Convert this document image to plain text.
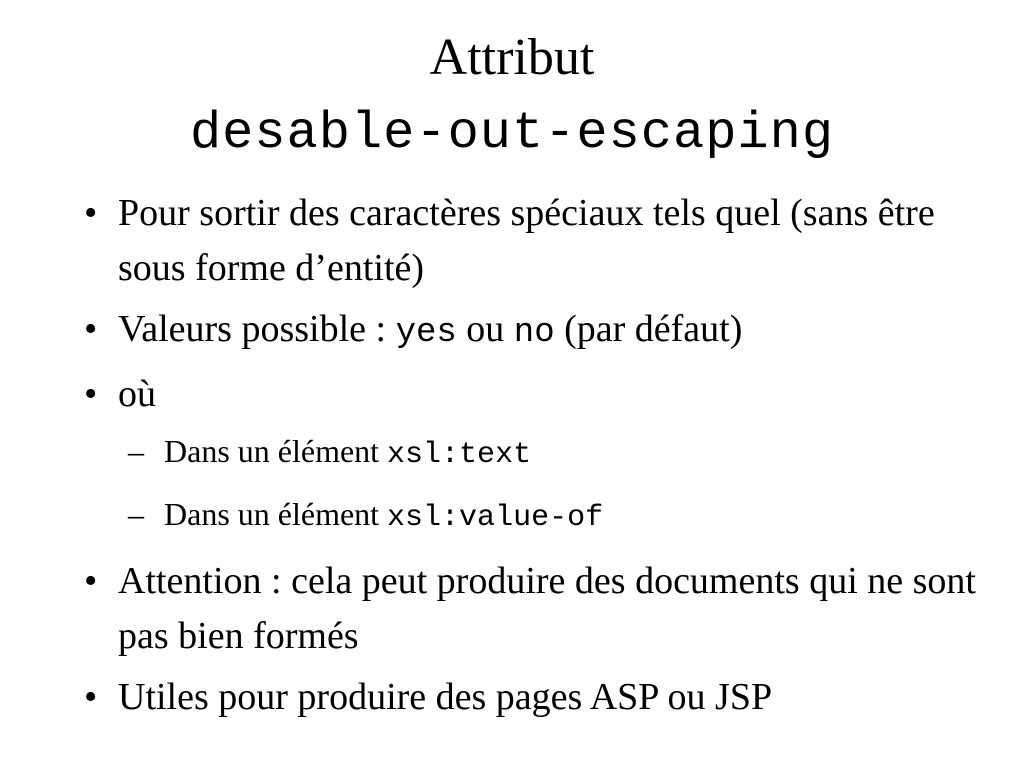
Attribut
desable-out-escaping
• Pour sortir des caractères spéciaux tels quel (sans être sous forme d’entité)
• Valeurs possible : yes ou no (par défaut)
• où
– Dans un élément xsl:text
– Dans un élément xsl:value-of
• Attention : cela peut produire des documents qui ne sont pas bien formés
• Utiles pour produire des pages ASP ou JSP
